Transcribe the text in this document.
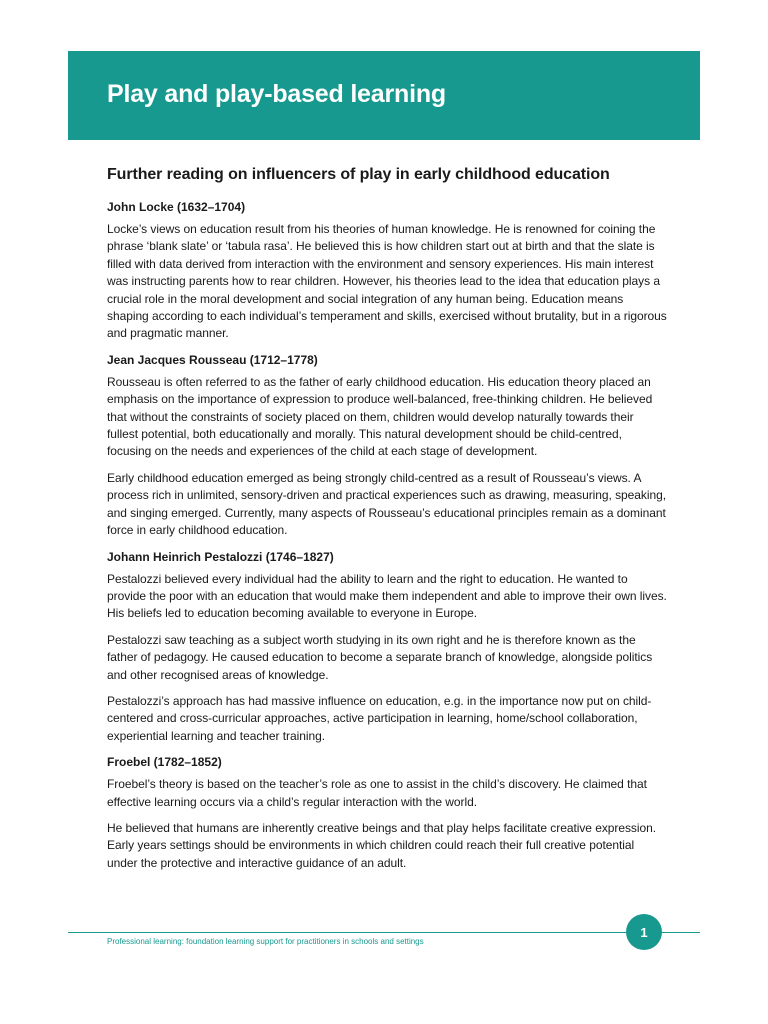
Play and play-based learning
Further reading on influencers of play in early childhood education
John Locke (1632–1704)

Locke’s views on education result from his theories of human knowledge. He is renowned for coining the phrase ‘blank slate’ or ‘tabula rasa’. He believed this is how children start out at birth and that the slate is filled with data derived from interaction with the environment and sensory experiences. His main interest was instructing parents how to rear children. However, his theories lead to the idea that education plays a crucial role in the moral development and social integration of any human being. Education means shaping according to each individual’s temperament and skills, exercised without brutality, but in a rigorous and pragmatic manner.

Jean Jacques Rousseau (1712–1778)

Rousseau is often referred to as the father of early childhood education. His education theory placed an emphasis on the importance of expression to produce well-balanced, free-thinking children. He believed that without the constraints of society placed on them, children would develop naturally towards their fullest potential, both educationally and morally. This natural development should be child-centred, focusing on the needs and experiences of the child at each stage of development.

Early childhood education emerged as being strongly child-centred as a result of Rousseau’s views. A process rich in unlimited, sensory-driven and practical experiences such as drawing, measuring, speaking, and singing emerged. Currently, many aspects of Rousseau’s educational principles remain as a dominant force in early childhood education.

Johann Heinrich Pestalozzi (1746–1827)

Pestalozzi believed every individual had the ability to learn and the right to education. He wanted to provide the poor with an education that would make them independent and able to improve their own lives. His beliefs led to education becoming available to everyone in Europe.

Pestalozzi saw teaching as a subject worth studying in its own right and he is therefore known as the father of pedagogy. He caused education to become a separate branch of knowledge, alongside politics and other recognised areas of knowledge.

Pestalozzi’s approach has had massive influence on education, e.g. in the importance now put on child-centered and cross-curricular approaches, active participation in learning, home/school collaboration, experiential learning and teacher training.

Froebel (1782–1852)

Froebel’s theory is based on the teacher’s role as one to assist in the child’s discovery. He claimed that effective learning occurs via a child’s regular interaction with the world.

He believed that humans are inherently creative beings and that play helps facilitate creative expression. Early years settings should be environments in which children could reach their full creative potential under the protective and interactive guidance of an adult.

Professional learning: foundation learning support for practitioners in schools and settings
1
